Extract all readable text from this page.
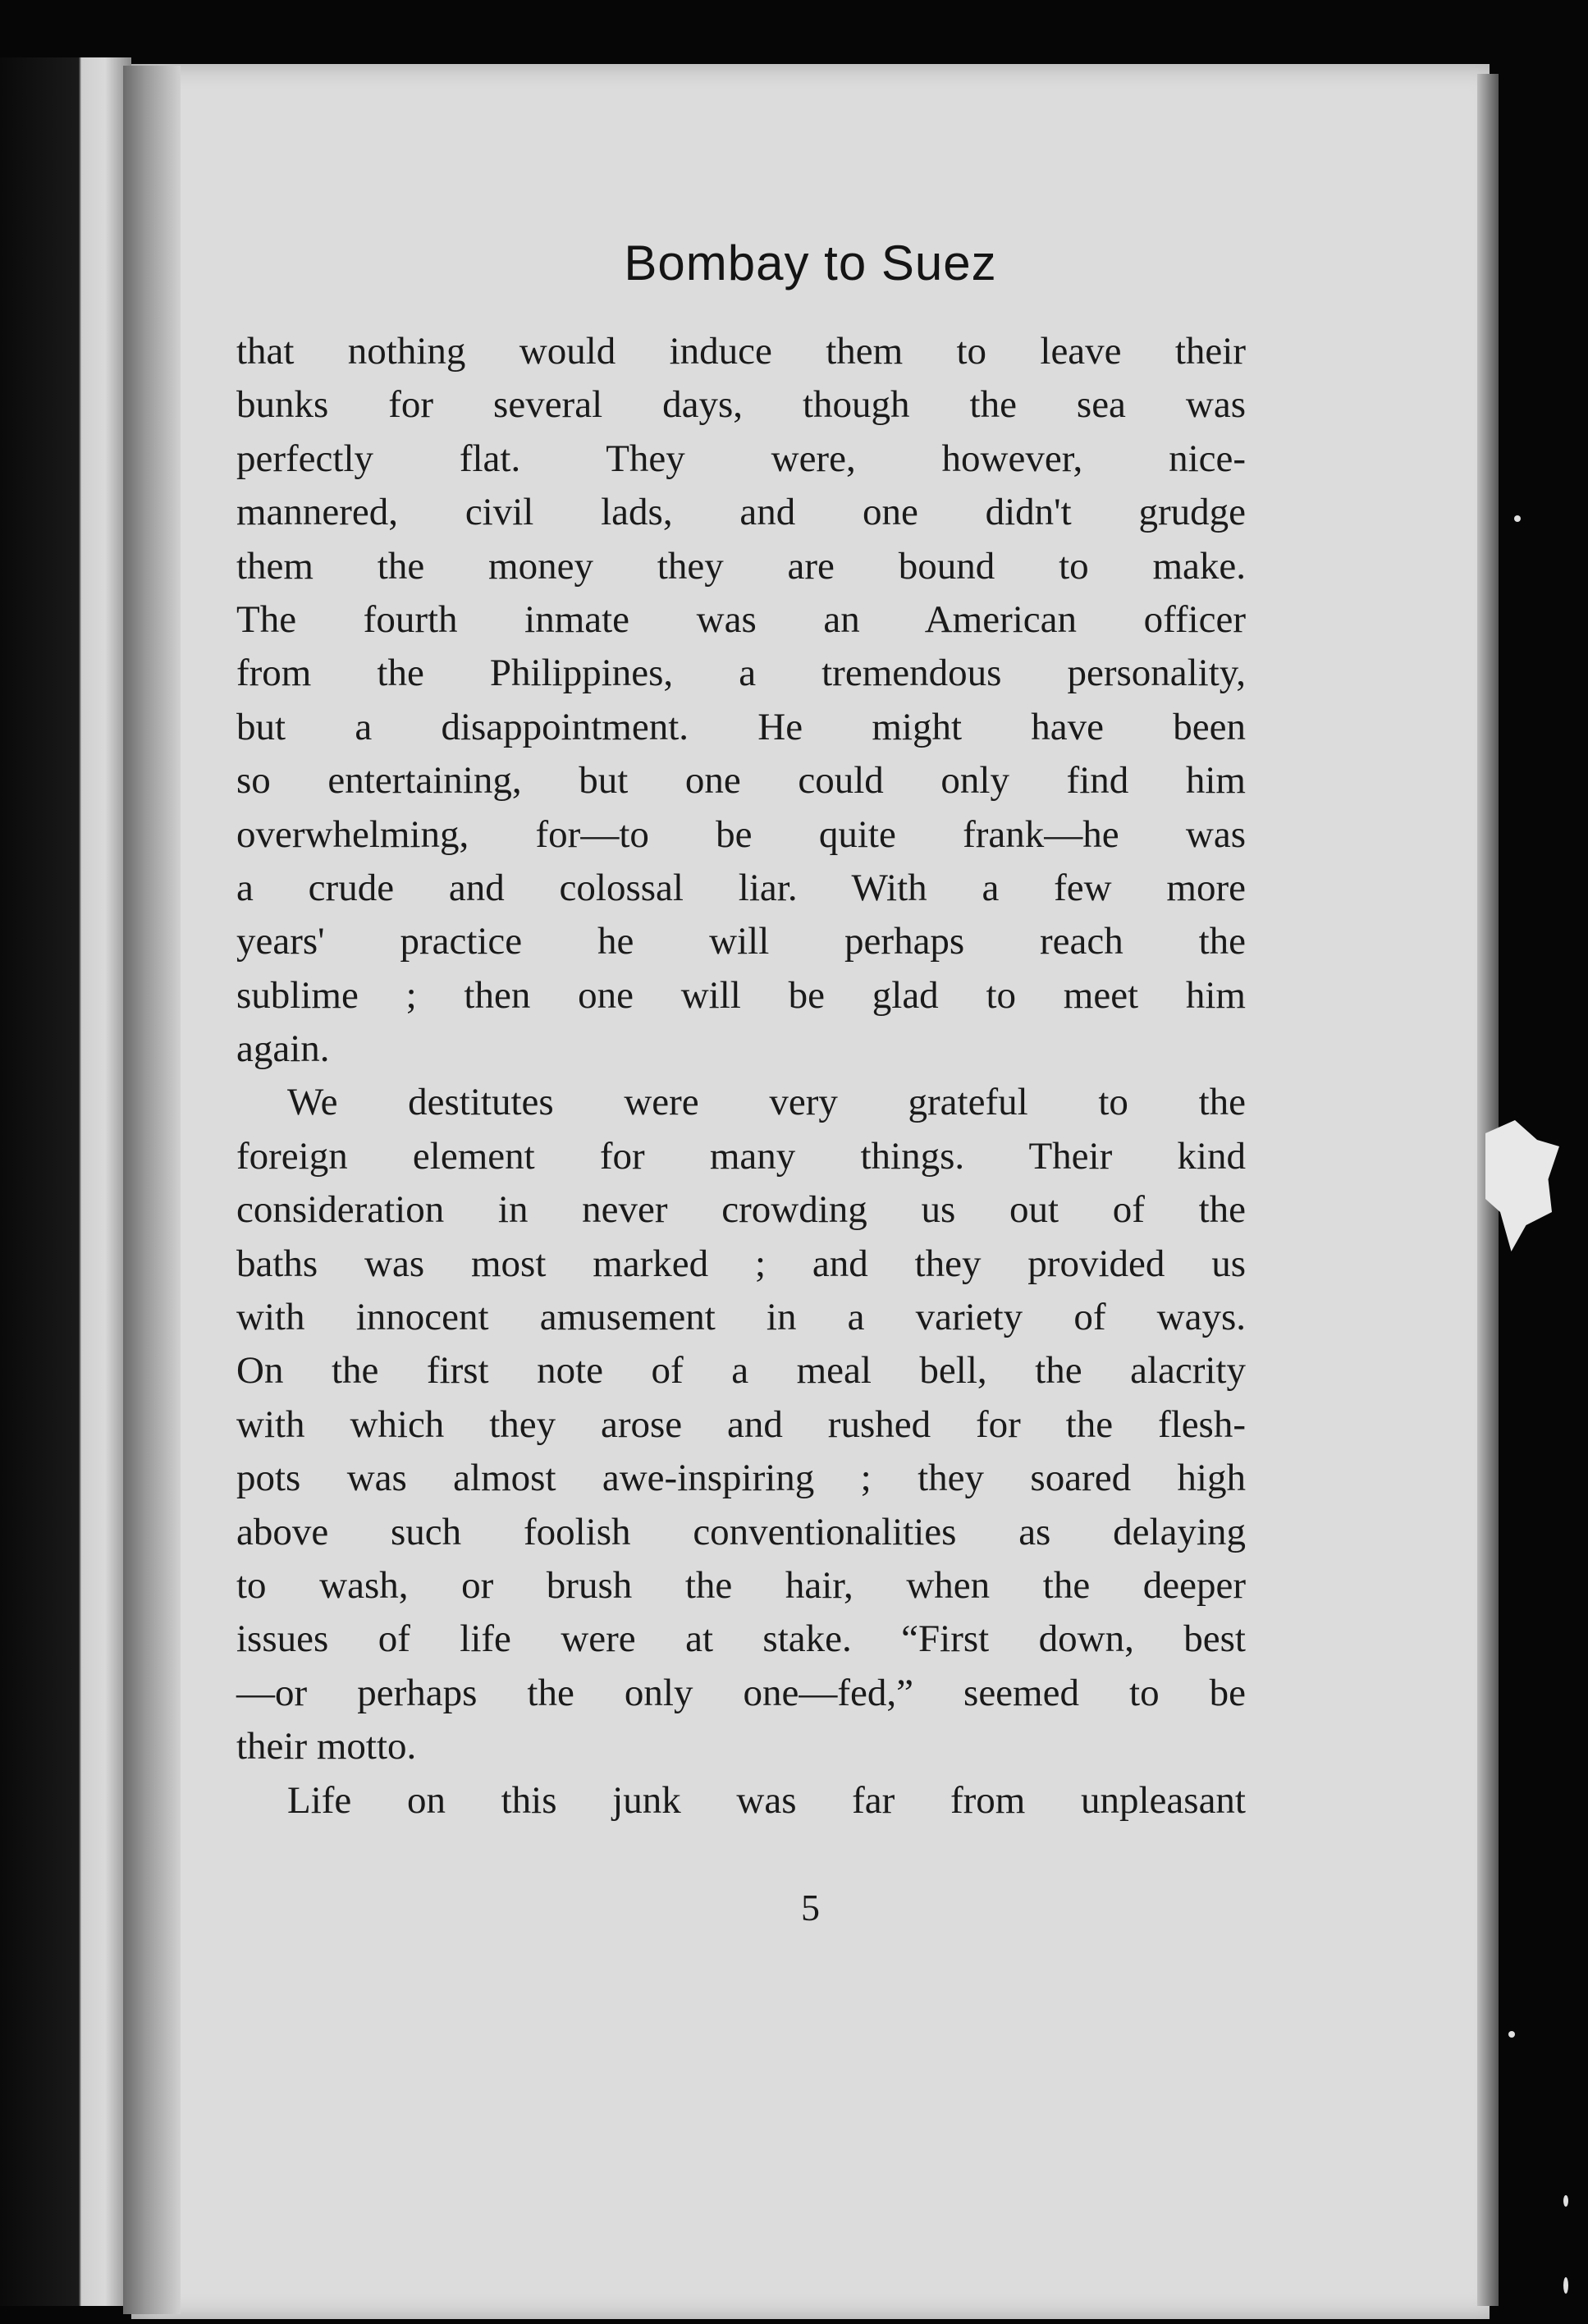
Bombay to Suez
that nothing would induce them to leave their
bunks for several days, though the sea was
perfectly flat. They were, however, nice-
mannered, civil lads, and one didn't grudge
them the money they are bound to make.
The fourth inmate was an American officer
from the Philippines, a tremendous personality,
but a disappointment. He might have been
so entertaining, but one could only find him
overwhelming, for—to be quite frank—he was
a crude and colossal liar. With a few more
years' practice he will perhaps reach the
sublime ; then one will be glad to meet him
again.
We destitutes were very grateful to the
foreign element for many things. Their kind
consideration in never crowding us out of the
baths was most marked ; and they provided us
with innocent amusement in a variety of ways.
On the first note of a meal bell, the alacrity
with which they arose and rushed for the flesh-
pots was almost awe-inspiring ; they soared high
above such foolish conventionalities as delaying
to wash, or brush the hair, when the deeper
issues of life were at stake. “First down, best
—or perhaps the only one—fed,” seemed to be
their motto.
Life on this junk was far from unpleasant
5
